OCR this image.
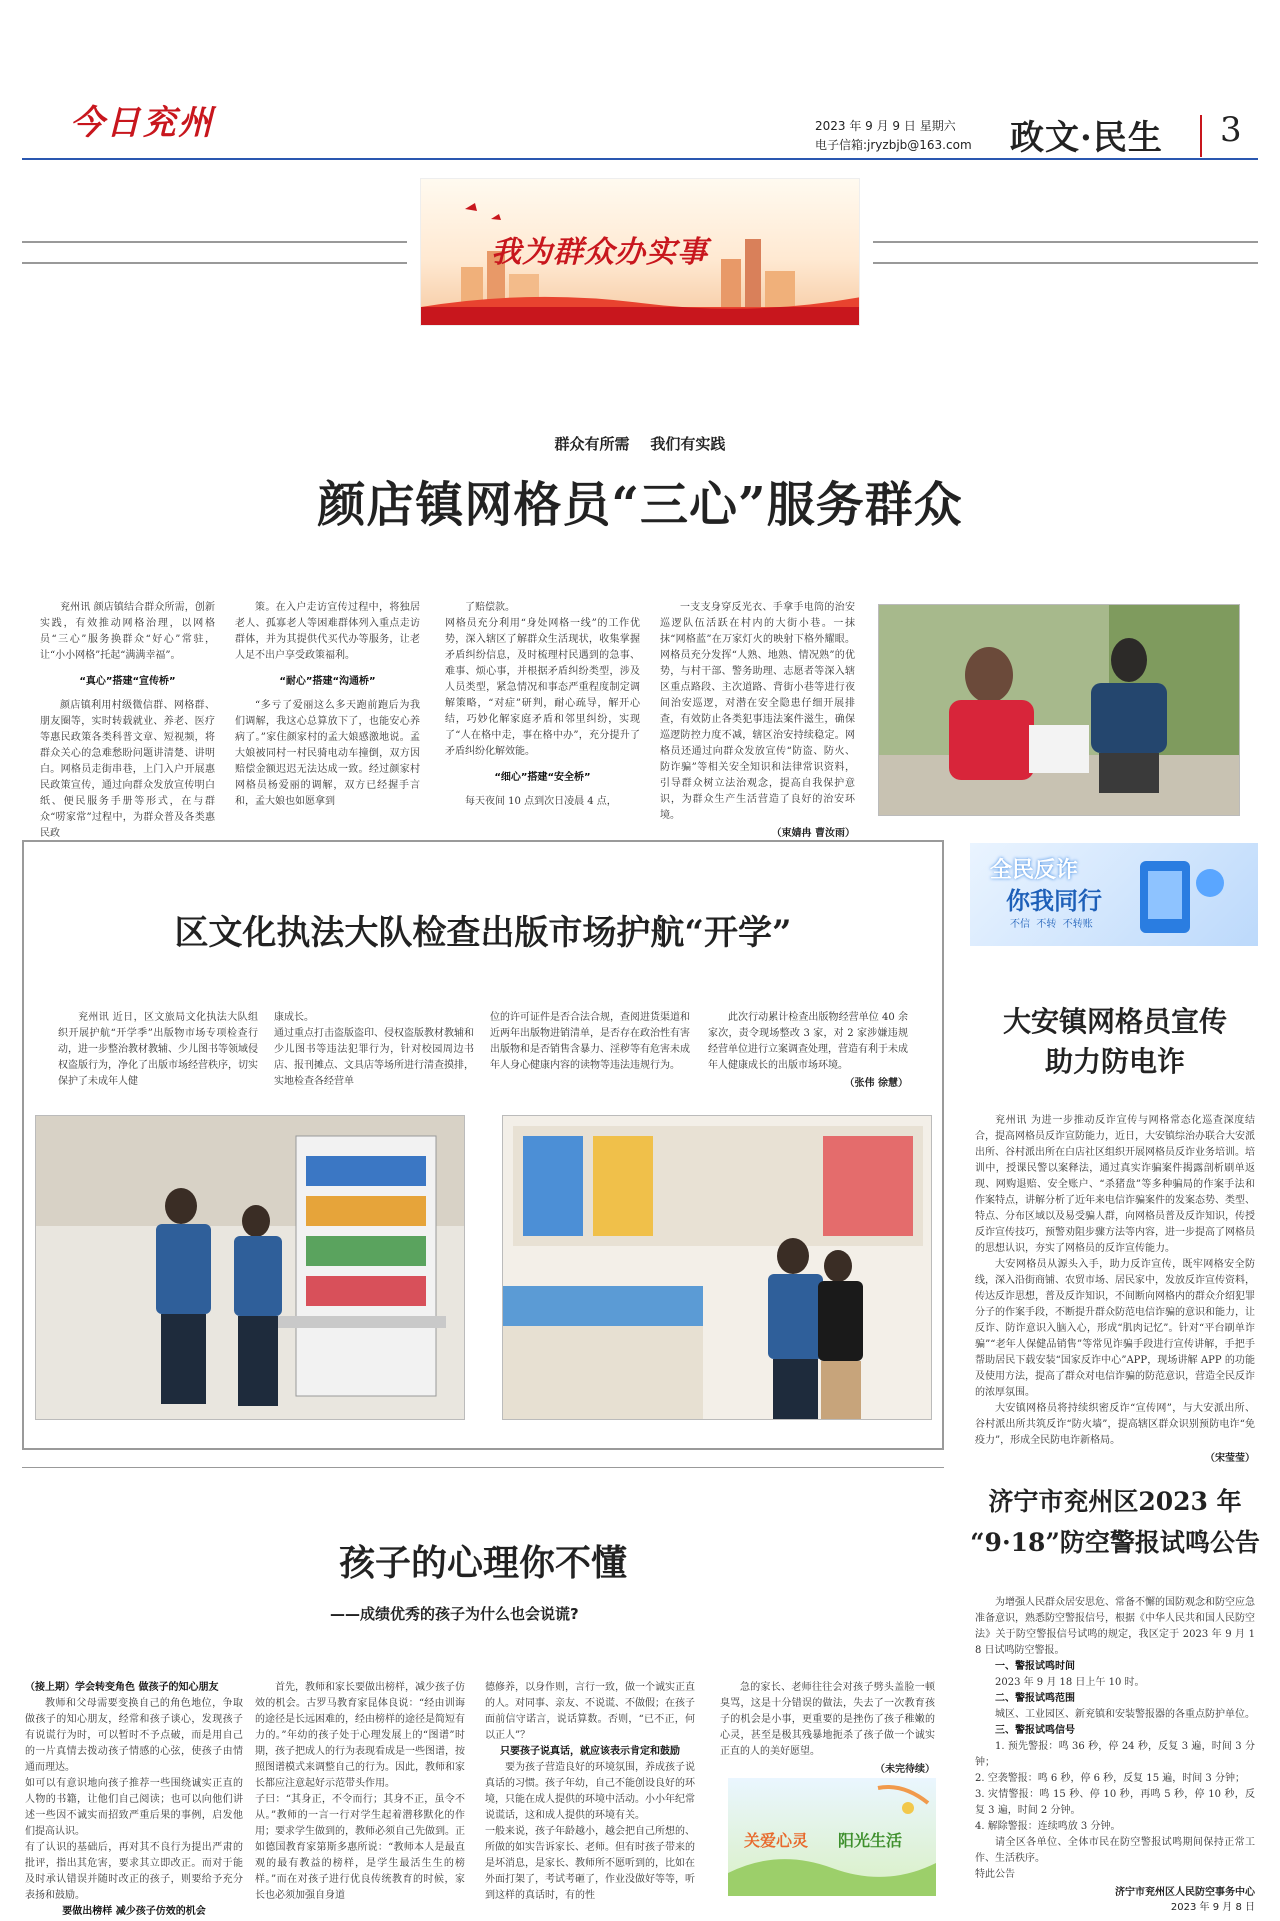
今日兖州	2023 年 9 月 9 日 星期六
电子信箱:jryzbjb@163.com 政文·民生 3
我为群众办实事
群众有所需    我们有实践
颜店镇网格员“三心”服务群众
兖州讯 颜店镇结合群众所需，创新实践，有效推动网格治理，以网格员“三心”服务换群众“好心”常驻，让“小小网格”托起“满满幸福”。
“真心”搭建“宣传桥”
颜店镇利用村级微信群、网格群、朋友圈等，实时转载就业、养老、医疗等惠民政策各类科普文章、短视频，将群众关心的急难愁盼问题讲清楚、讲明白。网格员走街串巷，上门入户开展惠民政策宣传，通过向群众发放宣传明白纸、便民服务手册等形式，在与群众“唠家常”过程中，为群众普及各类惠民政
策。在入户走访宣传过程中，将独居老人、孤寡老人等困难群体列入重点走访群体，并为其提供代买代办等服务，让老人足不出户享受政策福利。
“耐心”搭建“沟通桥”
“多亏了爱丽这么多天跑前跑后为我们调解，我这心总算放下了，也能安心养病了。”家住颜家村的孟大娘感激地说。孟大娘被同村一村民骑电动车撞倒，双方因赔偿金额迟迟无法达成一致。经过颜家村网格员杨爱丽的调解，双方已经握手言和，孟大娘也如愿拿到
了赔偿款。
网格员充分利用“身处网格一线”的工作优势，深入辖区了解群众生活现状，收集掌握矛盾纠纷信息，及时梳理村民遇到的急事、难事、烦心事，并根据矛盾纠纷类型，涉及人员类型，紧急情况和事态严重程度制定调解策略，“对症”研判，耐心疏导，解开心结，巧妙化解家庭矛盾和邻里纠纷，实现了“人在格中走，事在格中办”，充分提升了矛盾纠纷化解效能。
“细心”搭建“安全桥”
每天夜间 10 点到次日凌晨 4 点，
一支支身穿反光衣、手拿手电筒的治安巡逻队伍活跃在村内的大街小巷。一抹抹“网格蓝”在万家灯火的映射下格外耀眼。网格员充分发挥“人熟、地熟、情况熟”的优势，与村干部、警务助理、志愿者等深入辖区重点路段、主次道路、背街小巷等进行夜间治安巡逻，对潜在安全隐患仔细开展排查，有效防止各类犯事违法案件滋生，确保巡逻防控力度不减，辖区治安持续稳定。网格员还通过向群众发放宣传“防盗、防火、防诈骗”等相关安全知识和法律常识资料，引导群众树立法治观念，提高自我保护意识，为群众生产生活营造了良好的治安环境。
（束婧冉 曹汝雨）
区文化执法大队检查出版市场护航“开学”
兖州讯 近日，区文旅局文化执法大队组织开展护航“开学季”出版物市场专项检查行动，进一步整治教材教辅、少儿图书等领域侵权盗版行为，净化了出版市场经营秩序，切实保护了未成年人健
康成长。
通过重点打击盗版盗印、侵权盗版教材教辅和少儿图书等违法犯罪行为，针对校园周边书店、报刊摊点、文具店等场所进行清查摸排，实地检查各经营单
位的许可证件是否合法合规，查阅进货渠道和近两年出版物进销清单，是否存在政治性有害出版物和是否销售含暴力、淫秽等有危害未成年人身心健康内容的读物等违法违规行为。
此次行动累计检查出版物经营单位 40 余家次，责令现场整改 3 家，对 2 家涉嫌违规经营单位进行立案调查处理，营造有利于未成年人健康成长的出版市场环境。
（张伟 徐慧）
全民反诈
你我同行
不信  不转  不转账
大安镇网格员宣传
助力防电诈
兖州讯 为进一步推动反诈宣传与网格常态化巡查深度结合，提高网格员反诈宣防能力，近日，大安镇综治办联合大安派出所、谷村派出所在白店社区组织开展网格员反诈业务培训。培训中，授课民警以案释法，通过真实诈骗案件揭露剖析刷单返现、网购退赔、安全账户、“杀猪盘”等多种骗局的作案手法和作案特点，讲解分析了近年来电信诈骗案件的发案态势、类型、特点、分布区域以及易受骗人群，向网格员普及反诈知识，传授反诈宣传技巧，预警劝阻步骤方法等内容，进一步提高了网格员的思想认识，夯实了网格员的反诈宣传能力。
大安网格员从源头入手，助力反诈宣传，既牢网格安全防线，深入沿街商铺、农贸市场、居民家中，发放反诈宣传资料，传达反诈思想，普及反诈知识，不间断向网格内的群众介绍犯罪分子的作案手段，不断提升群众防范电信诈骗的意识和能力，让反诈、防诈意识入脑入心，形成“肌肉记忆”。针对“平台刷单诈骗”“老年人保健品销售”等常见诈骗手段进行宣传讲解，手把手帮助居民下载安装“国家反诈中心”APP，现场讲解 APP 的功能及使用方法，提高了群众对电信诈骗的防范意识，营造全民反诈的浓厚氛围。
大安镇网格员将持续织密反诈“宣传网”，与大安派出所、谷村派出所共筑反诈“防火墙”，提高辖区群众识别预防电诈“免疫力”，形成全民防电诈新格局。
（宋莹莹）
孩子的心理你不懂
——成绩优秀的孩子为什么也会说谎?
（接上期）学会转变角色 做孩子的知心朋友
教师和父母需要变换自己的角色地位，争取做孩子的知心朋友，经常和孩子谈心，发现孩子有说谎行为时，可以暂时不予点破，而是用自己的一片真情去拨动孩子情感的心弦，使孩子由情通而理达。
如可以有意识地向孩子推荐一些围绕诚实正直的人物的书籍，让他们自己阅读；也可以向他们讲述一些因不诚实而招致严重后果的事例，启发他们提高认识。
有了认识的基础后，再对其不良行为提出严肃的批评，指出其危害，要求其立即改正。而对于能及时承认错误并随时改正的孩子，则要给予充分表扬和鼓励。
要做出榜样 减少孩子仿效的机会
首先，教师和家长要做出榜样，减少孩子仿效的机会。古罗马教育家昆体良说：“经由训诲的途径是长远困难的，经由榜样的途径是简短有力的。”年幼的孩子处于心理发展上的“图谱”时期，孩子把成人的行为表现看成是一些图谱，按照图谱模式来调整自己的行为。因此，教师和家长都应注意起好示范带头作用。
子曰：“其身正，不令而行；其身不正，虽令不从。”教师的一言一行对学生起着潜移默化的作用；要求学生做到的，教师必须自己先做到。正如德国教育家第斯多惠所说：“教师本人是最直观的最有教益的榜样，是学生最活生生的榜样。”而在对孩子进行优良传统教育的时候，家长也必须加强自身道
德修养，以身作则，言行一致，做一个诚实正直的人。对同事、亲友、不说谎、不做假；在孩子面前信守诺言，说话算数。否则，“已不正，何以正人”？
只要孩子说真话，就应该表示肯定和鼓励
要为孩子营造良好的环境氛围，养成孩子说真话的习惯。孩子年幼，自己不能创设良好的环境，只能在成人提供的环境中活动。小小年纪常说谎话，这和成人提供的环境有关。
一般来说，孩子年龄越小，越会把自己所想的、所做的如实告诉家长、老师。但有时孩子带来的是坏消息，是家长、教师所不愿听到的，比如在外面打架了，考试考砸了，作业没做好等等，听到这样的真话时，有的性
急的家长、老师往往会对孩子劈头盖脸一顿臭骂，这是十分错误的做法，失去了一次教育孩子的机会是小事，更重要的是挫伤了孩子稚嫩的心灵，甚至是极其残暴地扼杀了孩子做一个诚实正直的人的美好愿望。
（未完待续）
关爱心灵 阳光生活
济宁市兖州区2023 年
“9·18”防空警报试鸣公告
为增强人民群众居安思危、常备不懈的国防观念和防空应急准备意识，熟悉防空警报信号，根据《中华人民共和国人民防空法》关于防空警报信号试鸣的规定，我区定于 2023 年 9 月 18 日试鸣防空警报。
一、警报试鸣时间
2023 年 9 月 18 日上午 10 时。
二、警报试鸣范围
城区、工业园区、新兖镇和安装警报器的各重点防护单位。
三、警报试鸣信号
1. 预先警报：鸣 36 秒，停 24 秒，反复 3 遍，时间 3 分钟；
2. 空袭警报：鸣 6 秒，停 6 秒，反复 15 遍，时间 3 分钟；
3. 灾情警报：鸣 15 秒、停 10 秒，再鸣 5 秒，停 10 秒，反复 3 遍，时间 2 分钟。
4. 解除警报：连续鸣放 3 分钟。
请全区各单位、全体市民在防空警报试鸣期间保持正常工作、生活秩序。
特此公告
济宁市兖州区人民防空事务中心
2023 年 9 月 8 日
